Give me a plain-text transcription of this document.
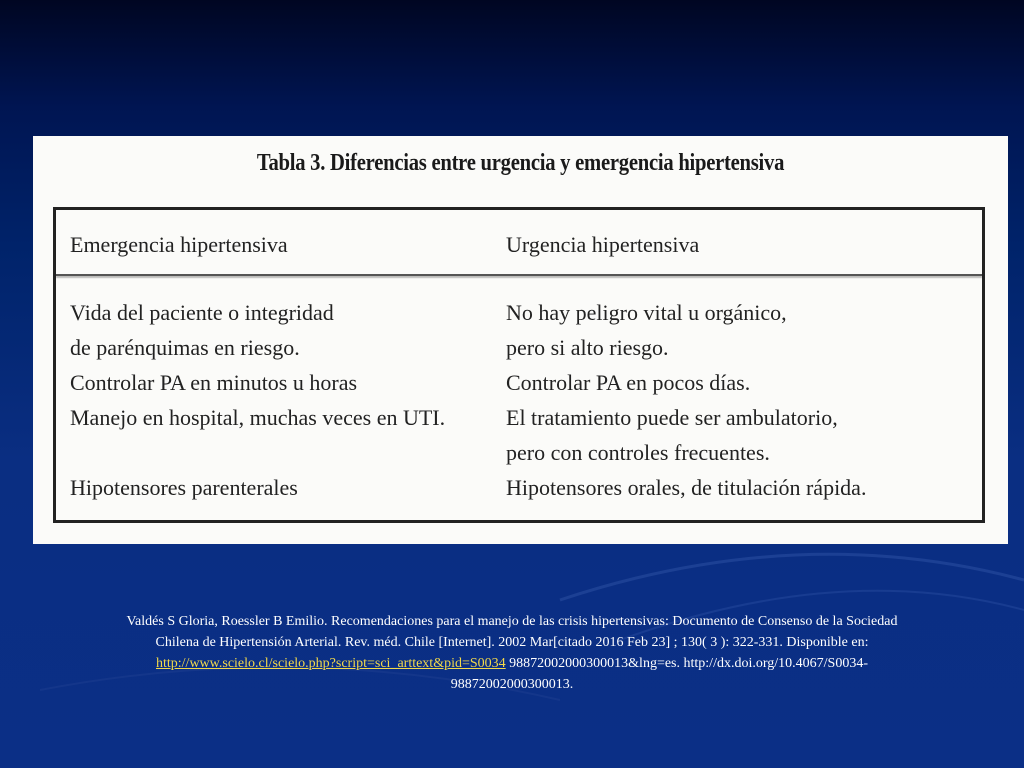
Tabla 3. Diferencias entre urgencia y emergencia hipertensiva
Emergencia hipertensiva	Urgencia hipertensiva
Vida del paciente o integridad
de parénquimas en riesgo.
Controlar PA en minutos u horas
Manejo en hospital, muchas veces en UTI.

Hipotensores parenterales
No hay peligro vital u orgánico,
pero si alto riesgo.
Controlar PA en pocos días.
El tratamiento puede ser ambulatorio,
pero con controles frecuentes.
Hipotensores orales, de titulación rápida.
Valdés S Gloria, Roessler B Emilio. Recomendaciones para el manejo de las crisis hipertensivas: Documento de Consenso de la Sociedad
Chilena de Hipertensión Arterial. Rev. méd. Chile [Internet]. 2002 Mar[citado 2016 Feb 23] ; 130( 3 ): 322-331. Disponible en:
http://www.scielo.cl/scielo.php?script=sci_arttext&pid=S0034 98872002000300013&lng=es. http://dx.doi.org/10.4067/S0034-
98872002000300013.
